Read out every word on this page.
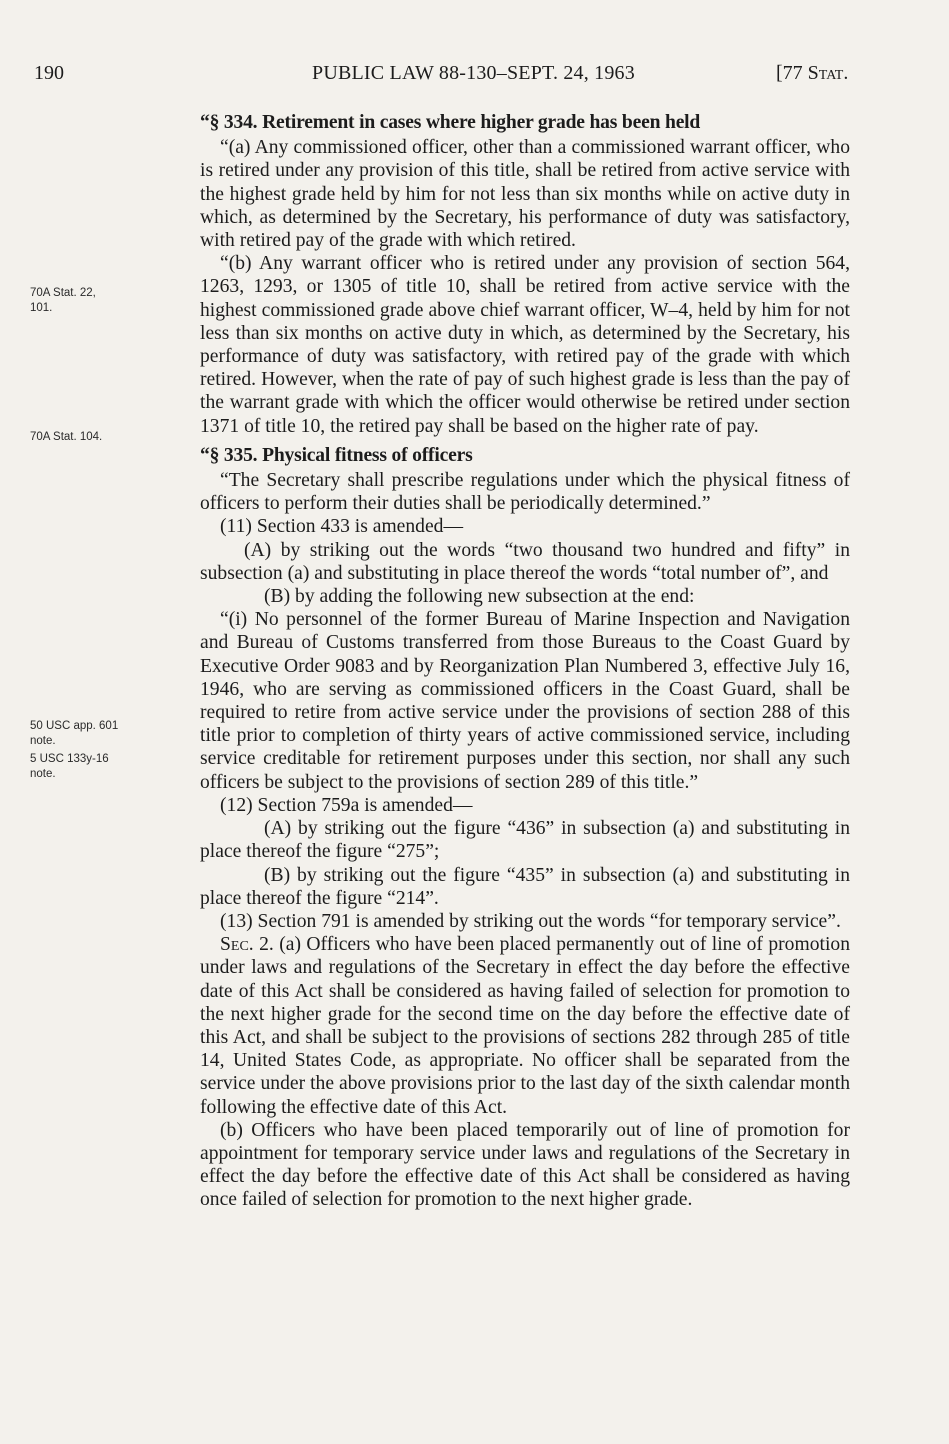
190	PUBLIC LAW 88-130–SEPT. 24, 1963	[77 Stat.
70A Stat. 22,
101.
70A Stat. 104.
50 USC app. 601
note.
5 USC 133y-16
note.

“§ 334. Retirement in cases where higher grade has been held

“(a) Any commissioned officer, other than a commissioned warrant officer, who is retired under any provision of this title, shall be retired from active service with the highest grade held by him for not less than six months while on active duty in which, as determined by the Secretary, his performance of duty was satisfactory, with retired pay of the grade with which retired.

“(b) Any warrant officer who is retired under any provision of section 564, 1263, 1293, or 1305 of title 10, shall be retired from active service with the highest commissioned grade above chief warrant officer, W–4, held by him for not less than six months on active duty in which, as determined by the Secretary, his performance of duty was satisfactory, with retired pay of the grade with which retired. However, when the rate of pay of such highest grade is less than the pay of the warrant grade with which the officer would otherwise be retired under section 1371 of title 10, the retired pay shall be based on the higher rate of pay.

“§ 335. Physical fitness of officers

“The Secretary shall prescribe regulations under which the physical fitness of officers to perform their duties shall be periodically determined.”

(11) Section 433 is amended—

(A) by striking out the words “two thousand two hundred and fifty” in subsection (a) and substituting in place thereof the words “total number of”, and

(B) by adding the following new subsection at the end:

“(i) No personnel of the former Bureau of Marine Inspection and Navigation and Bureau of Customs transferred from those Bureaus to the Coast Guard by Executive Order 9083 and by Reorganization Plan Numbered 3, effective July 16, 1946, who are serving as commissioned officers in the Coast Guard, shall be required to retire from active service under the provisions of section 288 of this title prior to completion of thirty years of active commissioned service, including service creditable for retirement purposes under this section, nor shall any such officers be subject to the provisions of section 289 of this title.”

(12) Section 759a is amended—

(A) by striking out the figure “436” in subsection (a) and substituting in place thereof the figure “275”;

(B) by striking out the figure “435” in subsection (a) and substituting in place thereof the figure “214”.

(13) Section 791 is amended by striking out the words “for temporary service”.

Sec. 2. (a) Officers who have been placed permanently out of line of promotion under laws and regulations of the Secretary in effect the day before the effective date of this Act shall be considered as having failed of selection for promotion to the next higher grade for the second time on the day before the effective date of this Act, and shall be subject to the provisions of sections 282 through 285 of title 14, United States Code, as appropriate. No officer shall be separated from the service under the above provisions prior to the last day of the sixth calendar month following the effective date of this Act.

(b) Officers who have been placed temporarily out of line of promotion for appointment for temporary service under laws and regulations of the Secretary in effect the day before the effective date of this Act shall be considered as having once failed of selection for promotion to the next higher grade.
